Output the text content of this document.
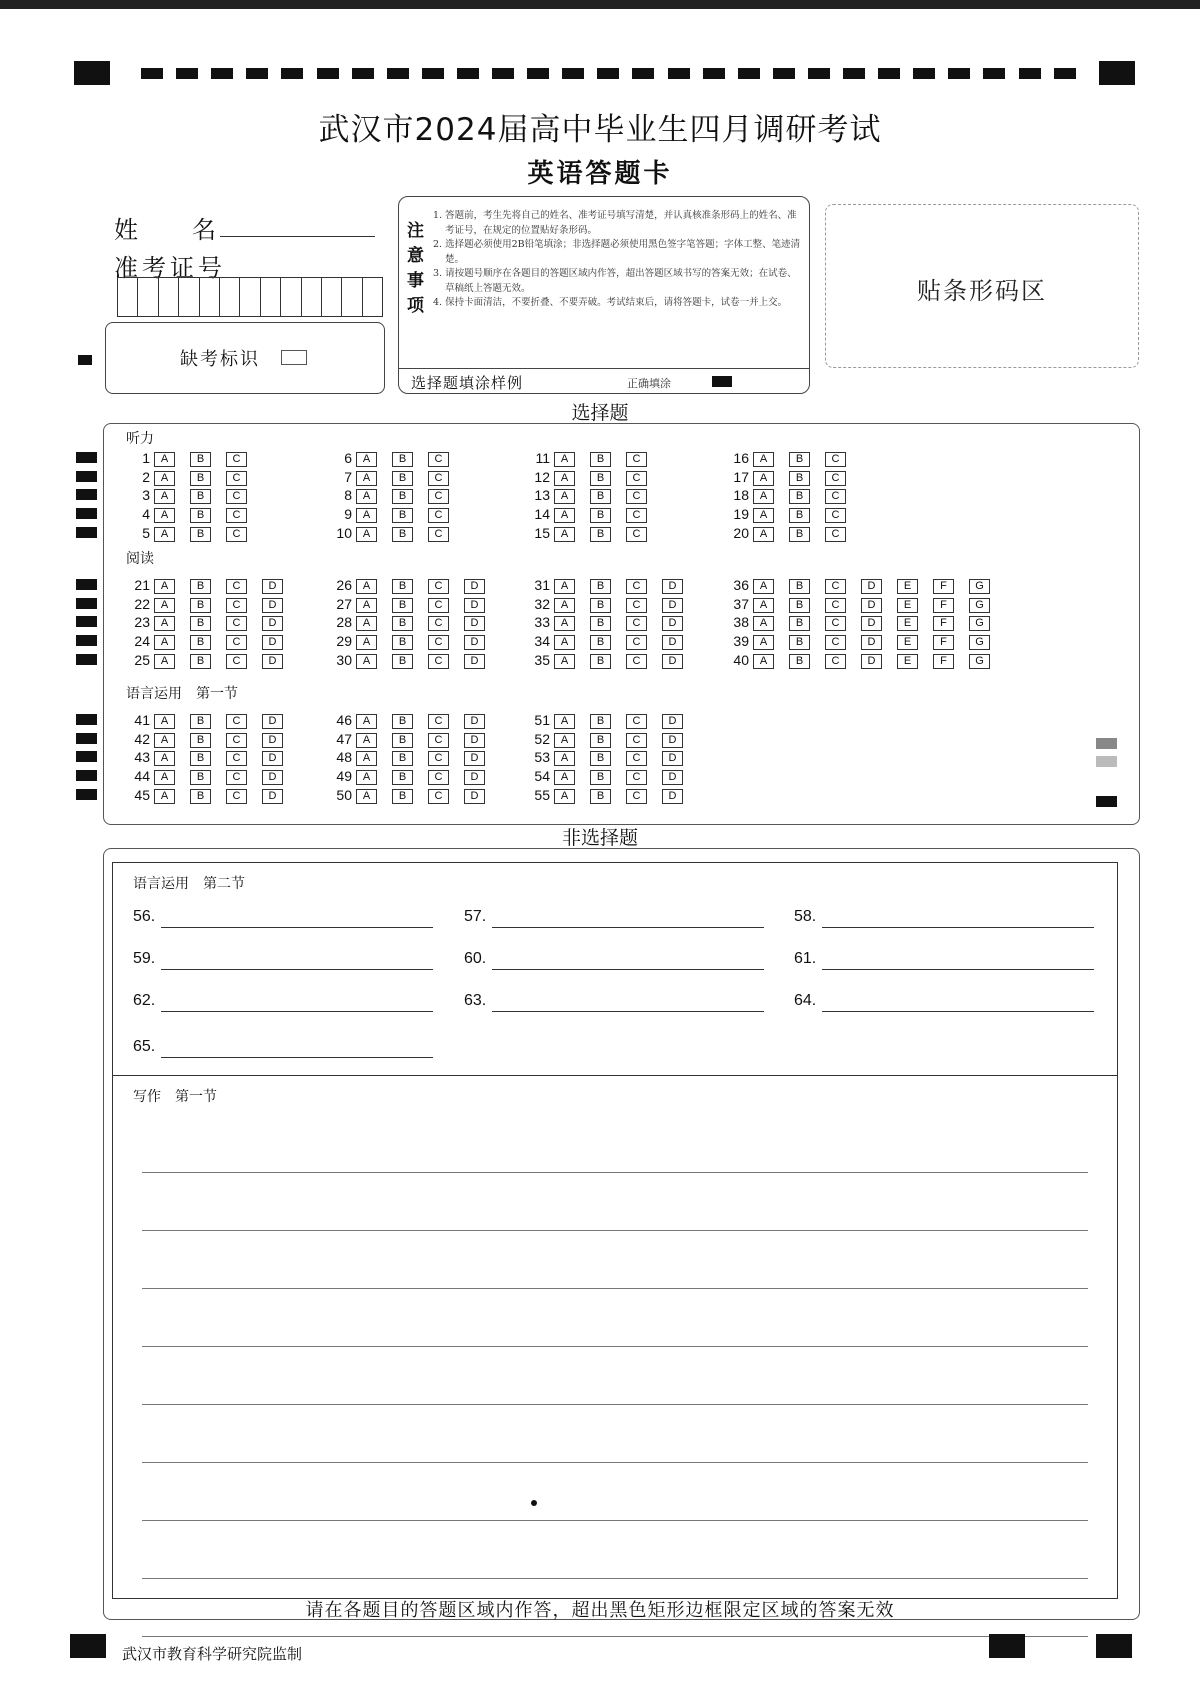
武汉市2024届高中毕业生四月调研考试
英语答题卡
姓　　名
准考证号
缺考标识
注意事项
1. 答题前，考生先将自己的姓名、准考证号填写清楚，并认真核准条形码上的姓名、准考证号，在规定的位置贴好条形码。
2. 选择题必须使用2B铅笔填涂；非选择题必须使用黑色签字笔答题；字体工整、笔迹清楚。
3. 请按题号顺序在各题目的答题区域内作答，超出答题区域书写的答案无效；在试卷、草稿纸上答题无效。
4. 保持卡面清洁，不要折叠、不要弄破。考试结束后，请将答题卡，试卷一并上交。
选择题填涂样例	正确填涂
贴条形码区
选择题
听力
阅读
语言运用　第一节
1 A	B	C
2 A	B	C
3 A	B	C
4 A	B	C
5 A	B	C
6 A	B	C
7 A	B	C
8 A	B	C
9 A	B	C
10 A	B	C
11 A	B	C
12 A	B	C
13 A	B	C
14 A	B	C
15 A	B	C
16 A	B	C
17 A	B	C
18 A	B	C
19 A	B	C
20 A	B	C
21 A	B	C	D
22 A	B	C	D
23 A	B	C	D
24 A	B	C	D
25 A	B	C	D
26 A	B	C	D
27 A	B	C	D
28 A	B	C	D
29 A	B	C	D
30 A	B	C	D
31 A	B	C	D
32 A	B	C	D
33 A	B	C	D
34 A	B	C	D
35 A	B	C	D
36 A	B	C	D	E	F	G
37 A	B	C	D	E	F	G
38 A	B	C	D	E	F	G
39 A	B	C	D	E	F	G
40 A	B	C	D	E	F	G
41 A	B	C	D
42 A	B	C	D
43 A	B	C	D
44 A	B	C	D
45 A	B	C	D
46 A	B	C	D
47 A	B	C	D
48 A	B	C	D
49 A	B	C	D
50 A	B	C	D
51 A	B	C	D
52 A	B	C	D
53 A	B	C	D
54 A	B	C	D
55 A	B	C	D
非选择题
语言运用　第二节
56.	57.	58.
59.	60.	61.
62.	63.	64.
65.
写作　第一节
请在各题目的答题区域内作答，超出黑色矩形边框限定区域的答案无效
武汉市教育科学研究院监制
